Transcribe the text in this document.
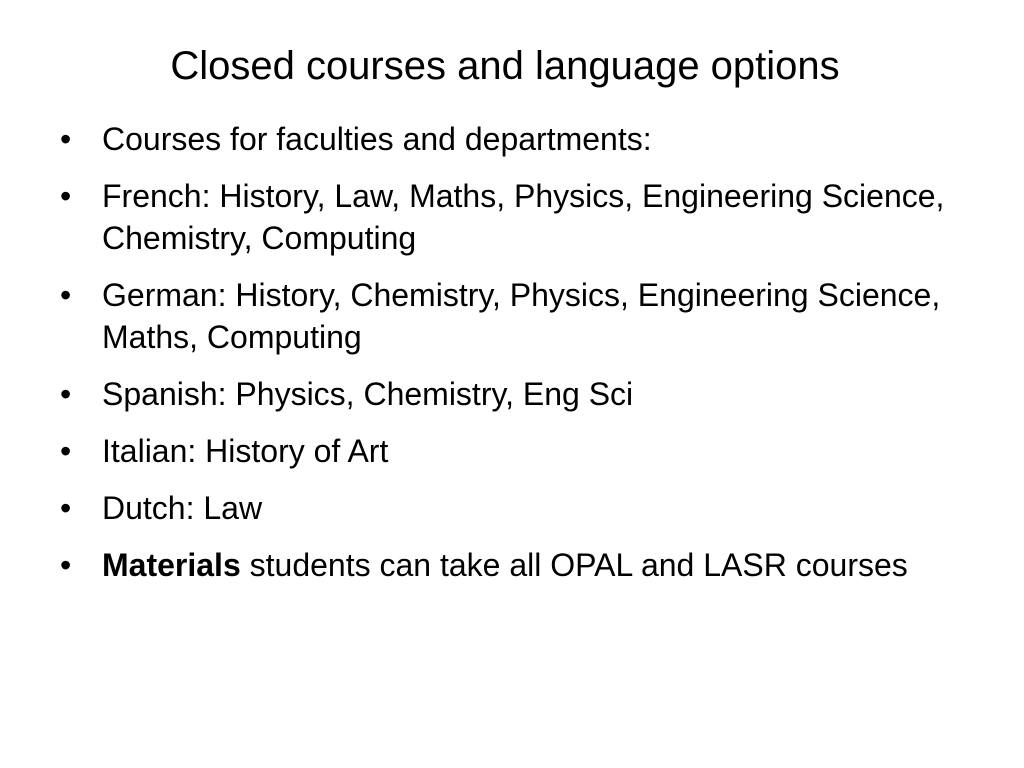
Closed courses and language options
• Courses for faculties and departments:
• French: History, Law, Maths, Physics, Engineering Science, Chemistry, Computing
• German: History, Chemistry, Physics, Engineering Science, Maths, Computing
• Spanish: Physics, Chemistry, Eng Sci
• Italian: History of Art
• Dutch: Law
• Materials students can take all OPAL and LASR courses
